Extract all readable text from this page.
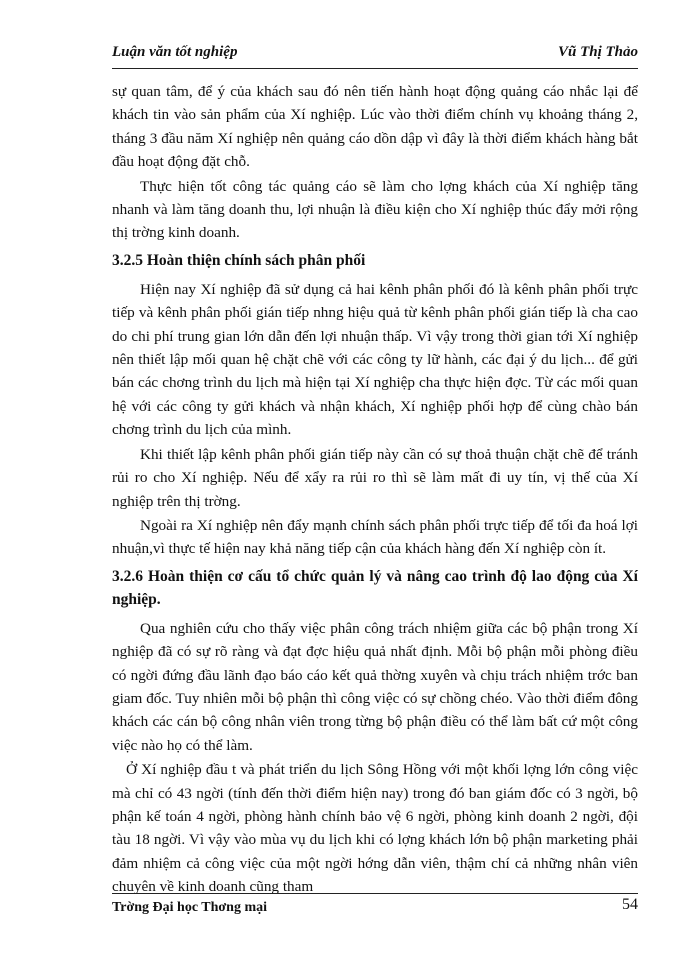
Luận văn tốt nghiệp	Vũ Thị Thảo

sự quan tâm, để ý của khách sau đó nên tiến hành hoạt động quảng cáo nhắc lại để khách tin vào sản phẩm của Xí nghiệp. Lúc vào thời điểm chính vụ khoảng tháng 2, tháng 3 đầu năm Xí nghiệp nên quảng cáo dồn dập vì đây là thời điểm khách hàng bắt đầu hoạt động đặt chỗ.

Thực hiện tốt công tác quảng cáo sẽ làm cho lợng khách của Xí nghiệp tăng nhanh và làm tăng doanh thu, lợi nhuận là điều kiện cho Xí nghiệp thúc đẩy mởi rộng thị trờng kinh doanh.

3.2.5 Hoàn thiện chính sách phân phối

Hiện nay Xí nghiệp đã sử dụng cả hai kênh phân phối đó là kênh phân phối trực tiếp và kênh phân phối gián tiếp nhng hiệu quả từ kênh phân phối gián tiếp là cha cao do chi phí trung gian lớn dẫn đến lợi nhuận thấp. Vì vậy trong thời gian tới Xí nghiệp nên thiết lập mối quan hệ chặt chẽ với các công ty lữ hành, các đại ý du lịch... để gửi bán các chơng trình du lịch mà hiện tại Xí nghiệp cha thực hiện đợc. Từ các mối quan hệ với các công ty gửi khách và nhận khách, Xí nghiệp phối hợp để cùng chào bán chơng trình du lịch của mình.

Khi thiết lập kênh phân phối gián tiếp này cần có sự thoả thuận chặt chẽ để tránh rủi ro cho Xí nghiệp. Nếu để xẩy ra rủi ro thì sẽ làm mất đi uy tín, vị thế của Xí nghiệp trên thị trờng.

Ngoài ra Xí nghiệp nên đẩy mạnh chính sách phân phối trực tiếp để tối đa hoá lợi nhuận,vì thực tế hiện nay khả năng tiếp cận của khách hàng đến Xí nghiệp còn ít.

3.2.6 Hoàn thiện cơ cấu tổ chức quản lý và nâng cao trình độ lao động của Xí nghiệp.

Qua nghiên cứu cho thấy việc phân công trách nhiệm giữa các bộ phận trong Xí nghiệp đã có sự rõ ràng và đạt đợc hiệu quả nhất định. Mỗi bộ phận mỗi phòng điều có ngời đứng đầu lãnh đạo báo cáo kết quả thờng xuyên và chịu trách nhiệm trớc ban giam đốc. Tuy nhiên mỗi bộ phận thì công việc có sự chồng chéo. Vào thời điểm đông khách các cán bộ công nhân viên trong từng bộ phận điều có thể làm bất cứ một công việc nào họ có thể làm.

Ở Xí nghiệp đầu t và phát triển du lịch Sông Hồng với một khối lợng lớn công việc mà chỉ có 43 ngời (tính đến thời điểm hiện nay) trong đó ban giám đốc có 3 ngời, bộ phận kế toán 4 ngời, phòng hành chính bảo vệ 6 ngời, phòng kinh doanh 2 ngời, đội tàu 18 ngời. Vì vậy vào mùa vụ du lịch khi có lợng khách lớn bộ phận marketing phải đảm nhiệm cả công việc của một ngời hớng dẫn viên, thậm chí cả những nhân viên chuyên về kinh doanh cũng tham

Trờng Đại học Thơng mại	54
